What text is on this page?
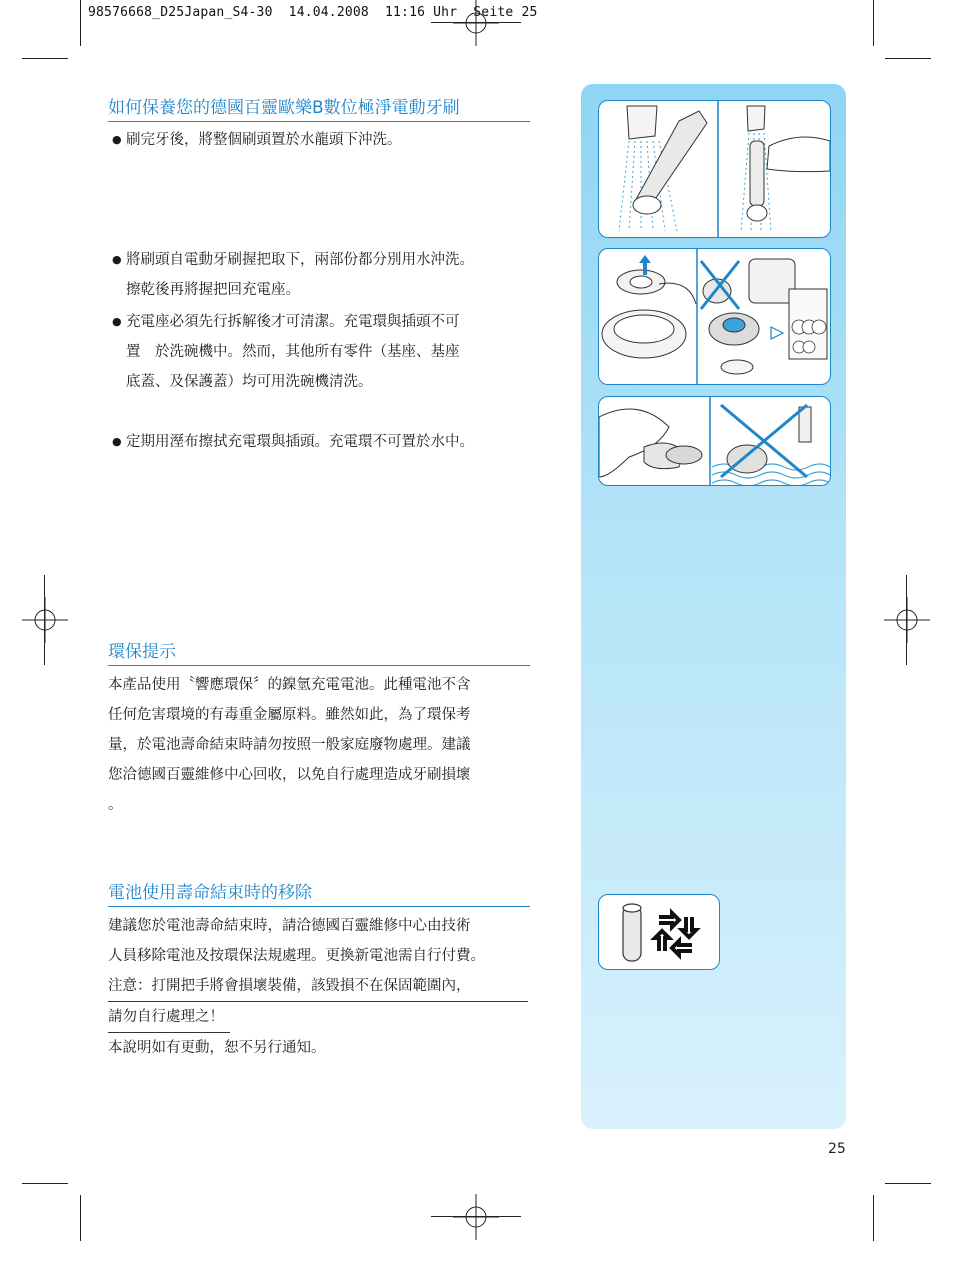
98576668_D25Japan_S4-30  14.04.2008  11:16 Uhr  Seite 25
如何保養您的德國百靈歐樂B數位極淨電動牙刷
● 刷完牙後，將整個刷頭置於水龍頭下沖洗。
● 將刷頭自電動牙刷握把取下，兩部份都分別用水沖洗。
擦乾後再將握把回充電座。
● 充電座必須先行拆解後才可清潔。充電環與插頭不可
置　於洗碗機中。然而，其他所有零件（基座、基座
底蓋、及保護蓋）均可用洗碗機清洗。
● 定期用溼布擦拭充電環與插頭。充電環不可置於水中。
環保提示
本產品使用〝響應環保〞的鎳氫充電電池。此種電池不含
任何危害環境的有毒重金屬原料。雖然如此，為了環保考
量，於電池壽命結束時請勿按照一般家庭廢物處理。建議
您洽德國百靈維修中心回收，以免自行處理造成牙刷損壞
。
電池使用壽命結束時的移除
建議您於電池壽命結束時，請洽德國百靈維修中心由技術
人員移除電池及按環保法規處理。更換新電池需自行付費。
注意：打開把手將會損壞裝備，該毀損不在保固範圍內，
請勿自行處理之！
本說明如有更動，恕不另行通知。
25
